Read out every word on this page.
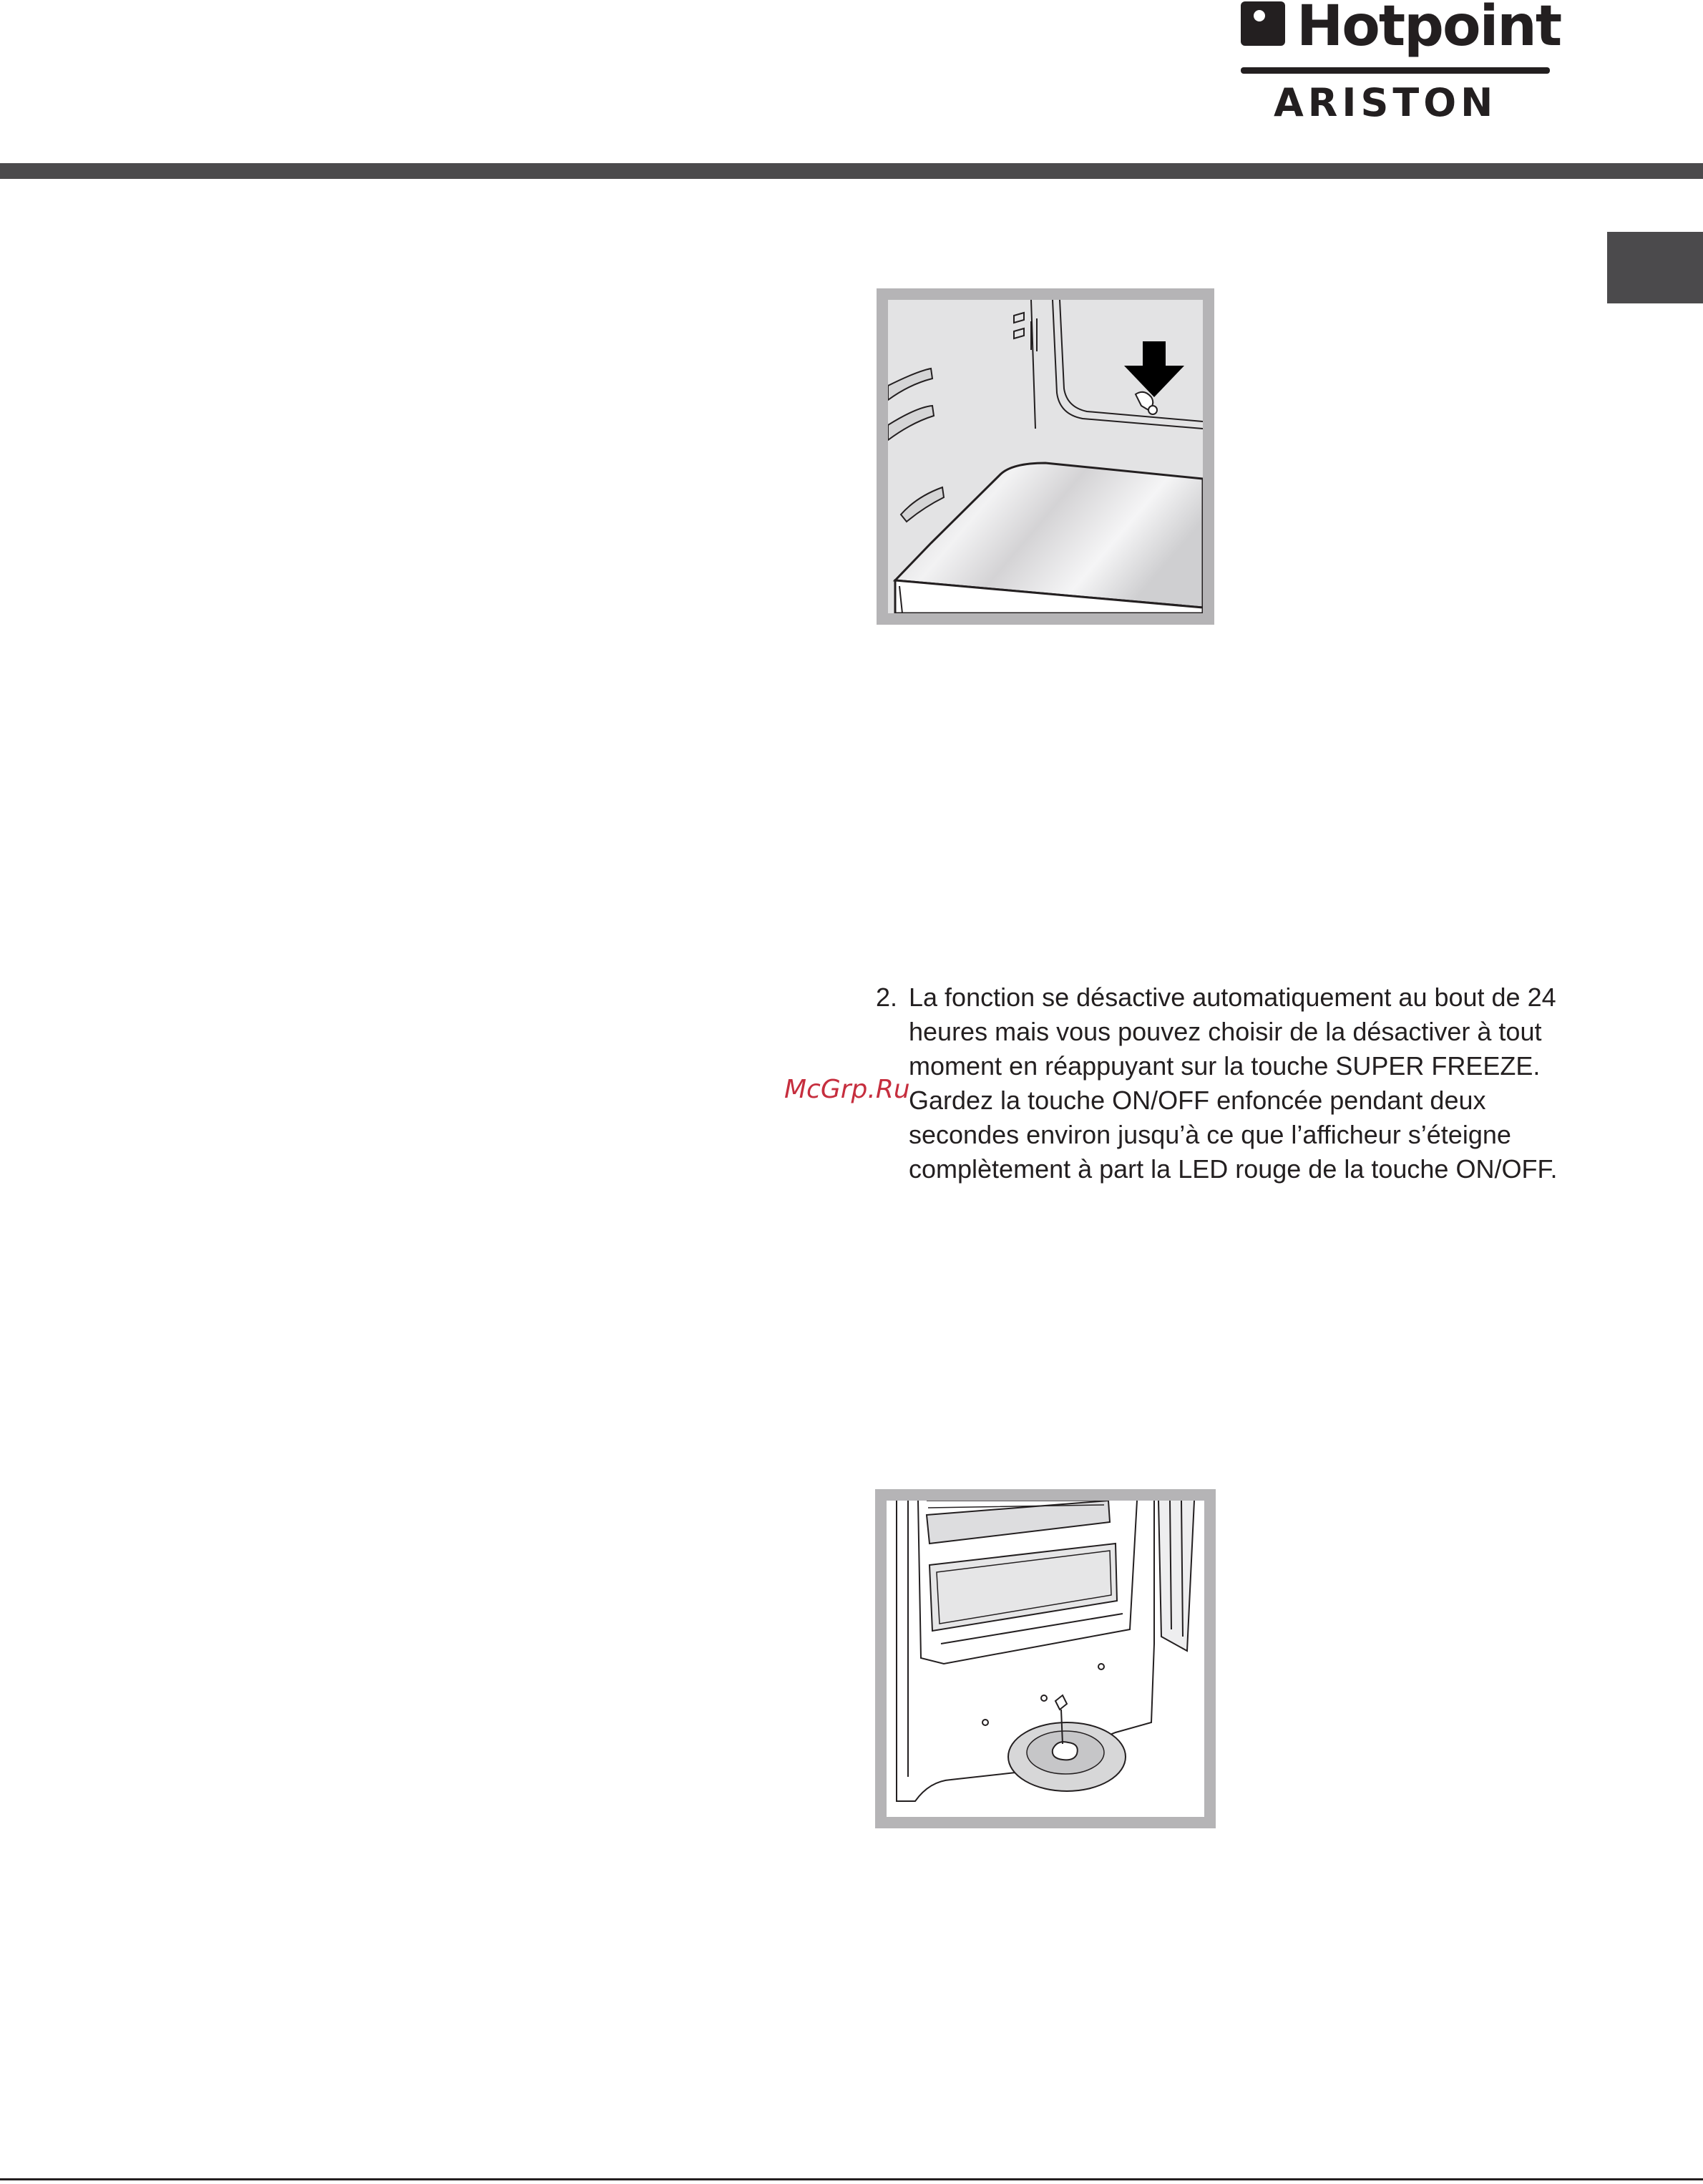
Hotpoint
ARISTON
2. La fonction se désactive automatiquement au bout de 24 heures mais vous pouvez choisir de la désactiver à tout moment en réappuyant sur la touche SUPER FREEZE. Gardez la touche ON/OFF enfoncée pendant deux secondes environ jusqu’à ce que l’afficheur s’éteigne complètement à part la LED rouge de la touche ON/OFF.
McGrp.Ru
